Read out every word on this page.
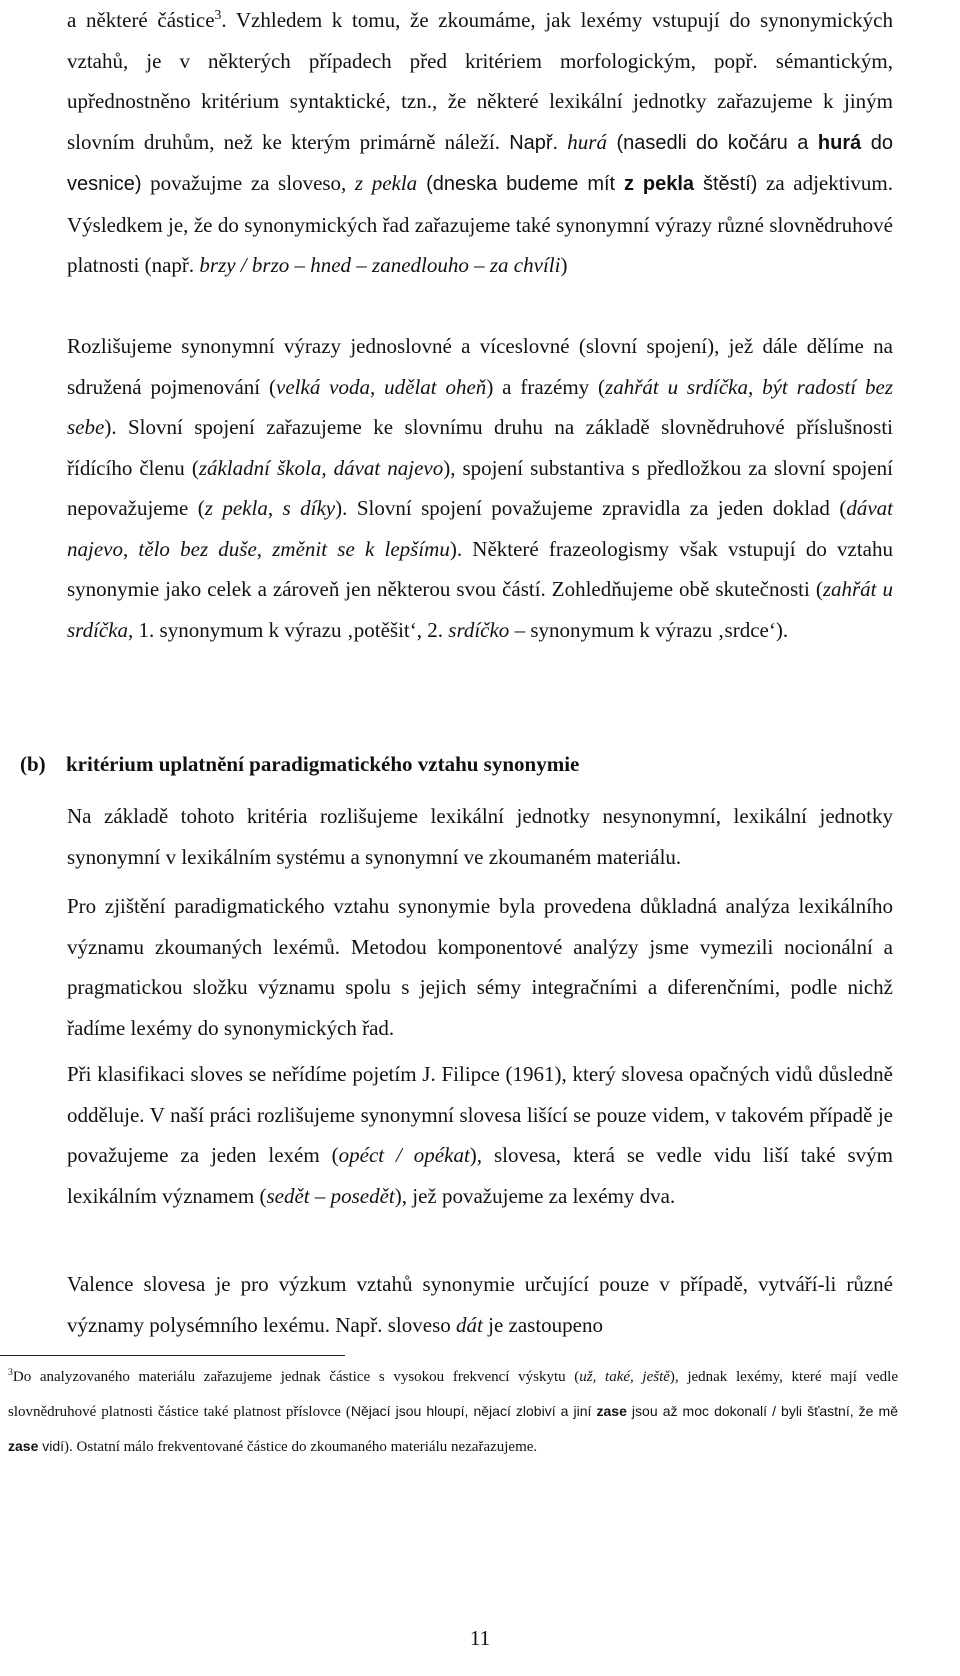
a některé částice$^3$. Vzhledem k tomu, že zkoumáme, jak lexémy vstupují do synonymických vztahů, je v některých případech před kritériem morfologickým, popř. sémantickým, upřednostněno kritérium syntaktické, tzn., že některé lexikální jednotky zařazujeme k jiným slovním druhům, než ke kterým primárně náleží. Např. hurá (nasedli do kočáru a hurá do vesnice) považujme za sloveso, z pekla (dneska budeme mít z pekla štěstí) za adjektivum. Výsledkem je, že do synonymických řad zařazujeme také synonymní výrazy různé slovnědruhové platnosti (např. brzy / brzo – hned – zanedlouho – za chvíli)

Rozlišujeme synonymní výrazy jednoslovné a víceslovné (slovní spojení), jež dále dělíme na sdružená pojmenování (velká voda, udělat oheň) a frazémy (zahřát u srdíčka, být radostí bez sebe). Slovní spojení zařazujeme ke slovnímu druhu na základě slovnědruhové příslušnosti řídícího členu (základní škola, dávat najevo), spojení substantiva s předložkou za slovní spojení nepovažujeme (z pekla, s díky). Slovní spojení považujeme zpravidla za jeden doklad (dávat najevo, tělo bez duše, změnit se k lepšímu). Některé frazeologismy však vstupují do vztahu synonymie jako celek a zároveň jen některou svou částí. Zohledňujeme obě skutečnosti (zahřát u srdíčka, 1. synonymum k výrazu ‚potěšit‘, 2. srdíčko – synonymum k výrazu ‚srdce‘).

(b) kritérium uplatnění paradigmatického vztahu synonymie

Na základě tohoto kritéria rozlišujeme lexikální jednotky nesynonymní, lexikální jednotky synonymní v lexikálním systému a synonymní ve zkoumaném materiálu.

Pro zjištění paradigmatického vztahu synonymie byla provedena důkladná analýza lexikálního významu zkoumaných lexémů. Metodou komponentové analýzy jsme vymezili nocionální a pragmatickou složku významu spolu s jejich sémy integračními a diferenčními, podle nichž řadíme lexémy do synonymických řad.

Při klasifikaci sloves se neřídíme pojetím J. Filipce (1961), který slovesa opačných vidů důsledně odděluje. V naší práci rozlišujeme synonymní slovesa lišící se pouze videm, v takovém případě je považujeme za jeden lexém (opéct / opékat), slovesa, která se vedle vidu liší také svým lexikálním významem (sedět – posedět), jež považujeme za lexémy dva.

Valence slovesa je pro výzkum vztahů synonymie určující pouze v případě, vytváří-li různé významy polysémního lexému. Např. sloveso dát je zastoupeno

$^3$Do analyzovaného materiálu zařazujeme jednak částice s vysokou frekvencí výskytu (už, také, ještě), jednak lexémy, které mají vedle slovnědruhové platnosti částice také platnost příslovce (Nějací jsou hloupí, nějací zlobiví a jiní zase jsou až moc dokonalí / byli šťastní, že mě zase vidí). Ostatní málo frekventované částice do zkoumaného materiálu nezařazujeme.

11
